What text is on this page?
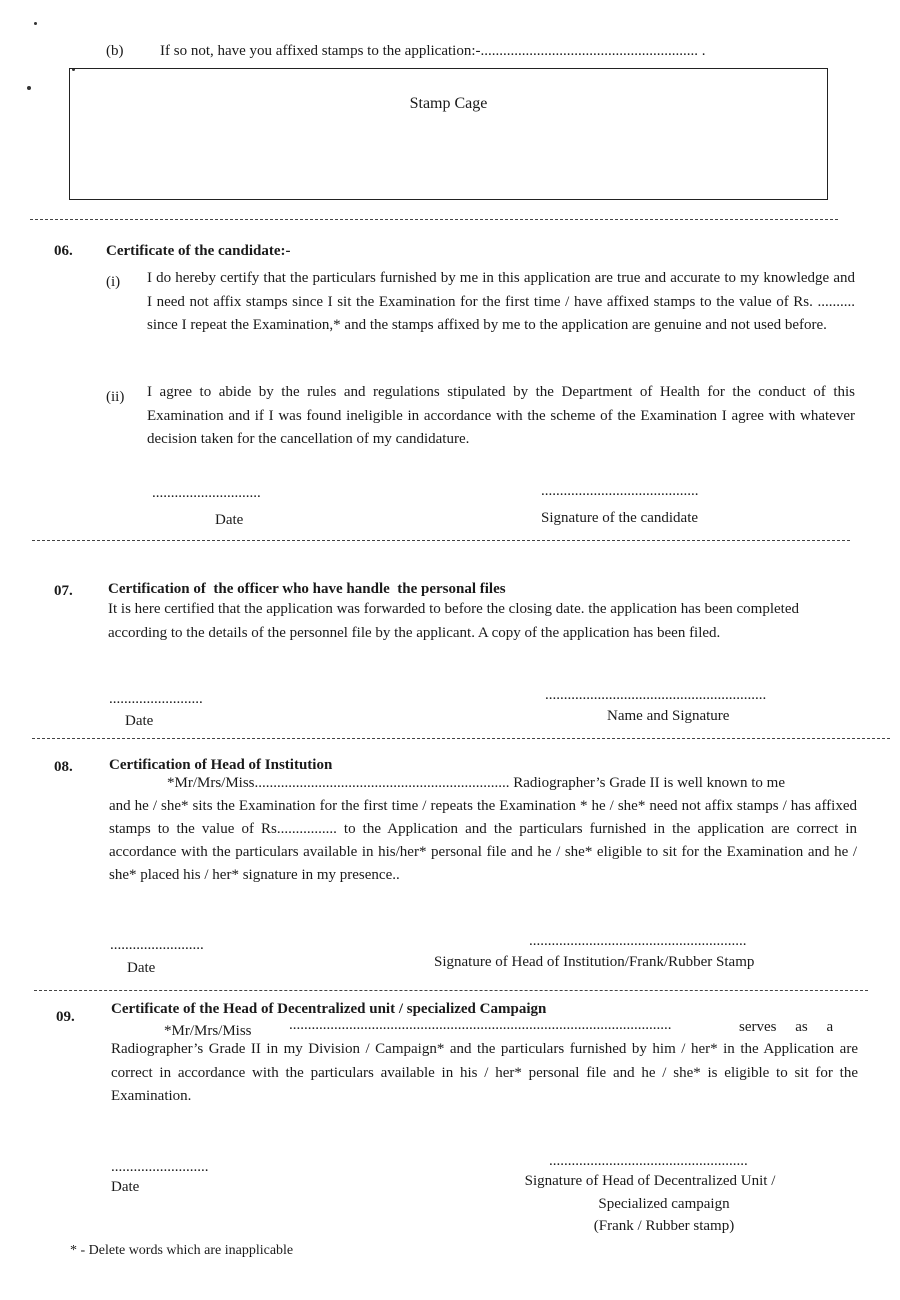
(b) If so not, have you affixed stamps to the application:-.......................................................... .
Stamp Cage
06. Certificate of the candidate:-
(i) I do hereby certify that the particulars furnished by me in this application are true and accurate to my knowledge and I need not affix stamps since I sit the Examination for the first time / have affixed stamps to the value of Rs. .......... since I repeat the Examination,* and the stamps affixed by me to the application are genuine and not used before.
(ii) I agree to abide by the rules and regulations stipulated by the Department of Health for the conduct of this Examination and if I was found ineligible in accordance with the scheme of the Examination I agree with whatever decision taken for the cancellation of my candidature.
.............................
Date
..........................................
Signature of the candidate
07. Certification of  the officer who have handle  the personal files
It is here certified that the application was forwarded to before the closing date. the application has been completed according to the details of the personnel file by the applicant. A copy of the application has been filed.
.........................
Date
...........................................................
Name and Signature
08. Certification of Head of Institution
*Mr/Mrs/Miss.................................................................... Radiographer’s Grade II is well known to me
and he / she* sits the Examination for the first time / repeats the Examination * he / she* need not affix stamps / has affixed stamps to the value of Rs................ to the Application and the particulars furnished in the application are correct in accordance with the particulars available in his/her* personal file and he / she* eligible to sit for the Examination and he / she* placed his / her* signature in my presence..
.........................
Date
..........................................................
Signature of Head of Institution/Frank/Rubber Stamp
09. Certificate of the Head of Decentralized unit / specialized Campaign
*Mr/Mrs/Miss ......................................................................................................	serves     as     a
Radiographer’s Grade II in my Division / Campaign* and the particulars furnished by him / her* in the Application are correct in accordance with the particulars available in his / her* personal file and he / she* is eligible to sit for the Examination.
..........................
Date
.....................................................
Signature of Head of Decentralized Unit /
Specialized campaign
(Frank / Rubber stamp)
* - Delete words which are inapplicable
